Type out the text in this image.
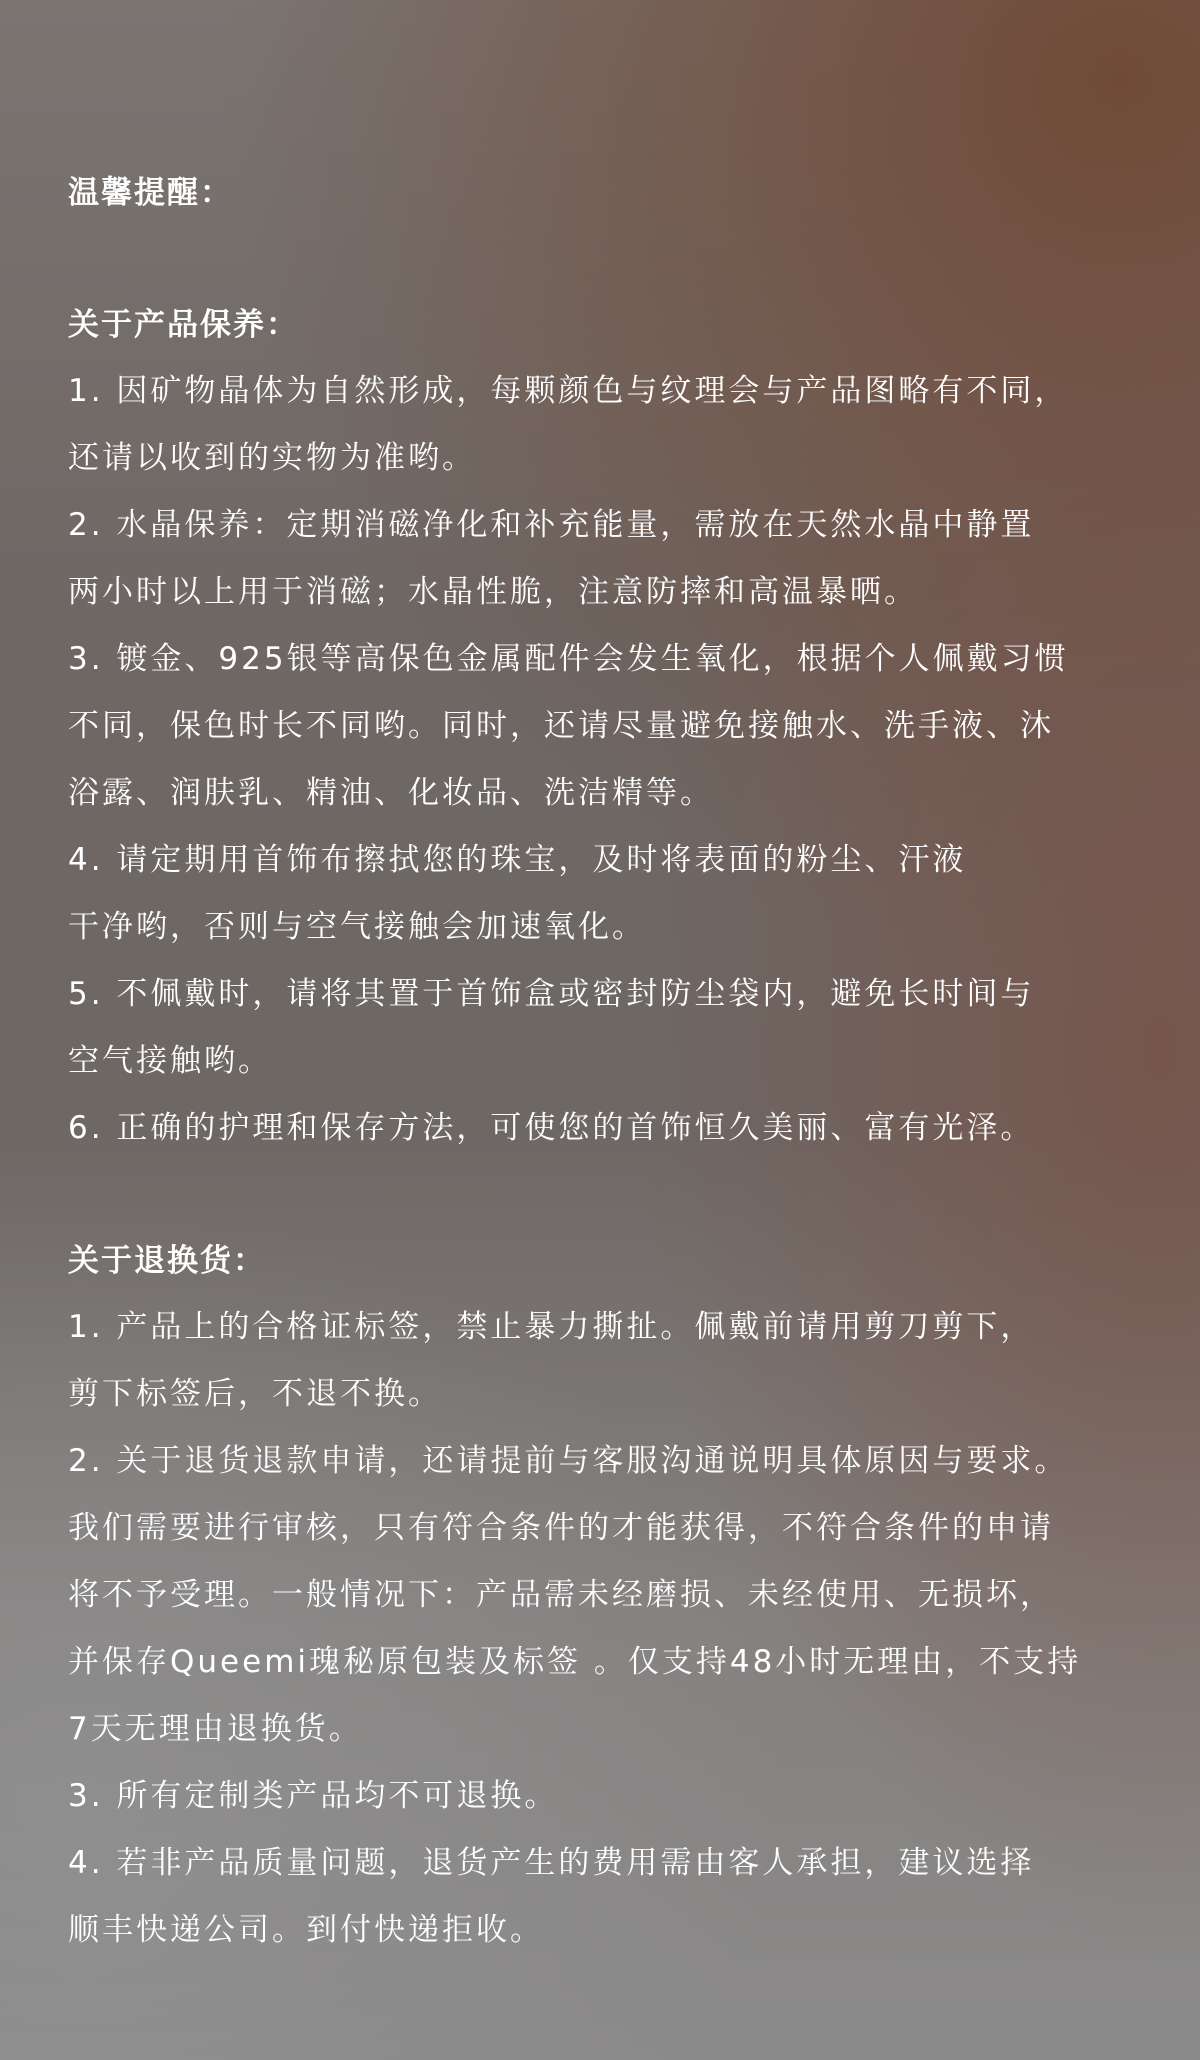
温馨提醒：
关于产品保养：
1. 因矿物晶体为自然形成，每颗颜色与纹理会与产品图略有不同，
还请以收到的实物为准哟。
2. 水晶保养：定期消磁净化和补充能量，需放在天然水晶中静置
两小时以上用于消磁；水晶性脆，注意防摔和高温暴晒。
3. 镀金、925银等高保色金属配件会发生氧化，根据个人佩戴习惯
不同，保色时长不同哟。同时，还请尽量避免接触水、洗手液、沐
浴露、润肤乳、精油、化妆品、洗洁精等。
4. 请定期用首饰布擦拭您的珠宝，及时将表面的粉尘、汗液
干净哟，否则与空气接触会加速氧化。
5. 不佩戴时，请将其置于首饰盒或密封防尘袋内，避免长时间与
空气接触哟。
6. 正确的护理和保存方法，可使您的首饰恒久美丽、富有光泽。
关于退换货：
1. 产品上的合格证标签，禁止暴力撕扯。佩戴前请用剪刀剪下，
剪下标签后，不退不换。
2. 关于退货退款申请，还请提前与客服沟通说明具体原因与要求。
我们需要进行审核，只有符合条件的才能获得，不符合条件的申请
将不予受理。一般情况下：产品需未经磨损、未经使用、无损坏，
并保存Queemi瑰秘原包装及标签 。仅支持48小时无理由，不支持
7天无理由退换货。
3. 所有定制类产品均不可退换。
4. 若非产品质量问题，退货产生的费用需由客人承担，建议选择
顺丰快递公司。到付快递拒收。
